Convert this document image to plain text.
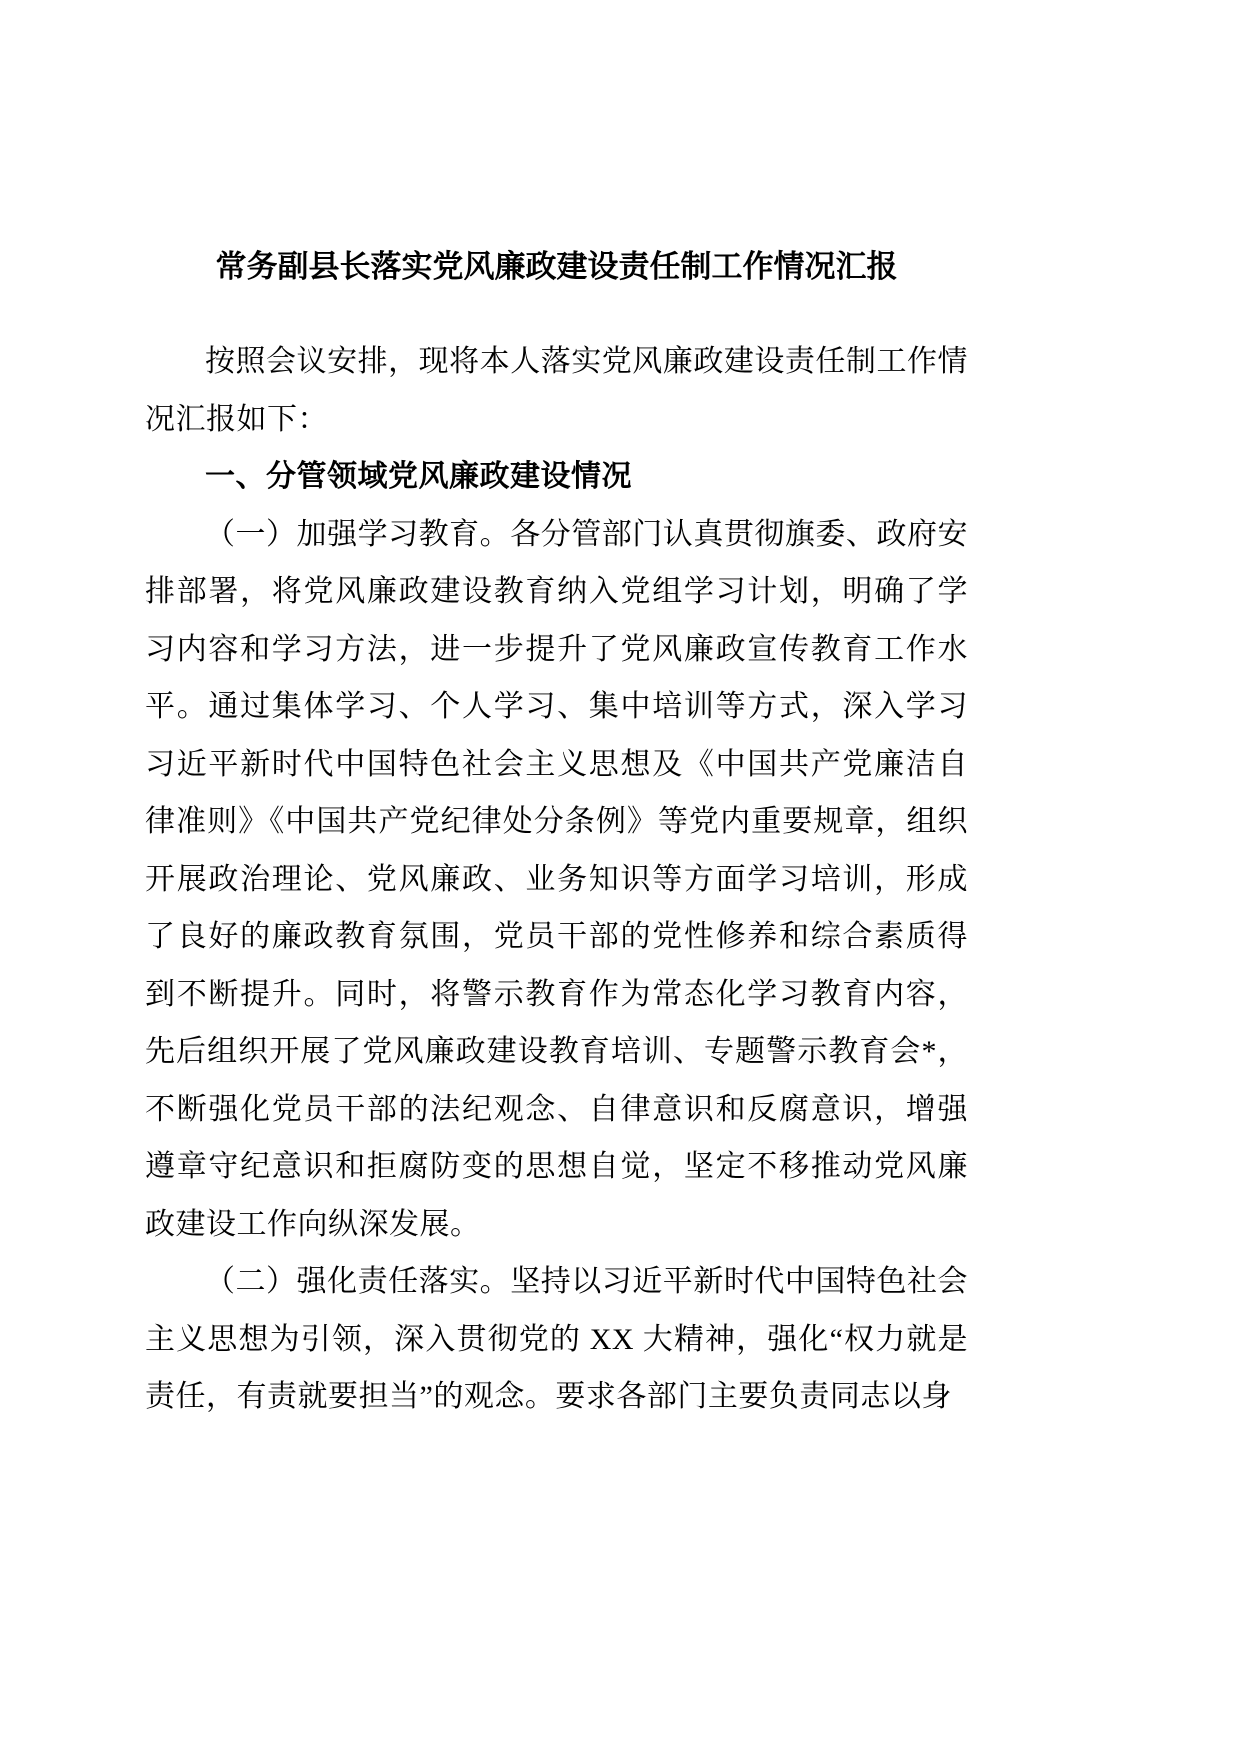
常务副县长落实党风廉政建设责任制工作情况汇报

按照会议安排，现将本人落实党风廉政建设责任制工作情况汇报如下：

一、分管领域党风廉政建设情况

（一）加强学习教育。各分管部门认真贯彻旗委、政府安排部署，将党风廉政建设教育纳入党组学习计划，明确了学习内容和学习方法，进一步提升了党风廉政宣传教育工作水平。通过集体学习、个人学习、集中培训等方式，深入学习习近平新时代中国特色社会主义思想及《中国共产党廉洁自律准则》《中国共产党纪律处分条例》等党内重要规章，组织开展政治理论、党风廉政、业务知识等方面学习培训，形成了良好的廉政教育氛围，党员干部的党性修养和综合素质得到不断提升。同时，将警示教育作为常态化学习教育内容，先后组织开展了党风廉政建设教育培训、专题警示教育会*，不断强化党员干部的法纪观念、自律意识和反腐意识，增强遵章守纪意识和拒腐防变的思想自觉，坚定不移推动党风廉政建设工作向纵深发展。

（二）强化责任落实。坚持以习近平新时代中国特色社会主义思想为引领，深入贯彻党的 XX 大精神，强化“权力就是责任，有责就要担当”的观念。要求各部门主要负责同志以身
